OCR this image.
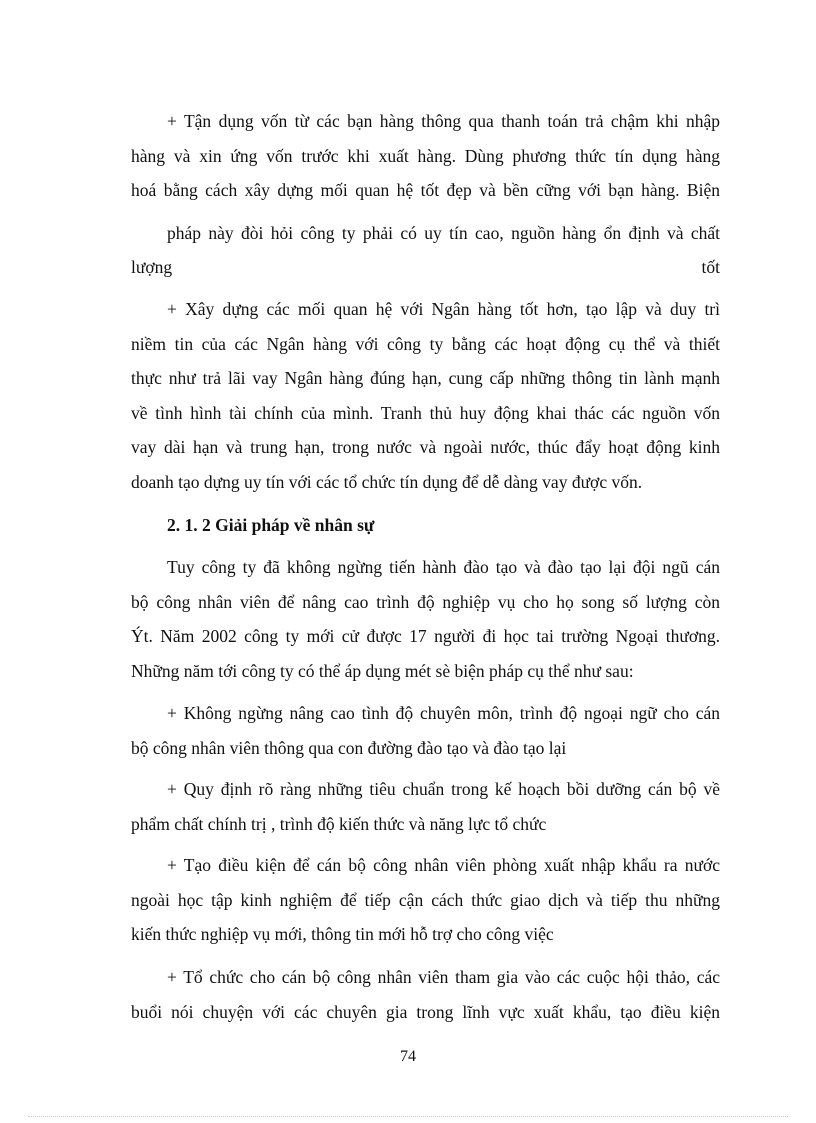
+ Tận dụng vốn từ các bạn hàng thông qua thanh toán trả chậm khi nhập
hàng và xin ứng vốn trước khi xuất hàng. Dùng phương thức tín dụng hàng
hoá bằng cách xây dựng mối quan hệ tốt đẹp và bền cững với bạn hàng. Biện

pháp này đòi hỏi công ty phải có uy tín cao, nguồn hàng ổn định và chất

lượng	tốt

+ Xây dựng các mối quan hệ với Ngân hàng tốt hơn, tạo lập và duy trì
niềm tin của các Ngân hàng với công ty bằng các hoạt động cụ thể và thiết
thực như trả lãi vay Ngân hàng đúng hạn, cung cấp những thông tin lành mạnh
về tình hình tài chính của mình. Tranh thủ huy động khai thác các nguồn vốn
vay dài hạn và trung hạn, trong nước và ngoài nước, thúc đẩy hoạt động kinh
doanh tạo dựng uy tín với các tổ chức tín dụng để dễ dàng vay được vốn.

2. 1. 2 Giải pháp về nhân sự

Tuy công ty đã không ngừng tiến hành đào tạo và đào tạo lại đội ngũ cán
bộ công nhân viên để nâng cao trình độ nghiệp vụ cho họ song số lượng còn
Ýt. Năm 2002 công ty mới cử được 17 người đi học tai trường Ngoại thương.
Những năm tới công ty có thể áp dụng mét sè biện pháp cụ thể như sau:

+ Không ngừng nâng cao tình độ chuyên môn, trình độ ngoại ngữ cho cán
bộ công nhân viên thông qua con đường đào tạo và đào tạo lại

+ Quy định rõ ràng những tiêu chuẩn trong kế hoạch bồi dưỡng cán bộ về
phẩm chất chính trị , trình độ kiến thức và năng lực tổ chức

+ Tạo điều kiện để cán bộ công nhân viên phòng xuất nhập khẩu ra nước
ngoài học tập kinh nghiệm để tiếp cận cách thức giao dịch và tiếp thu những
kiến thức nghiệp vụ mới, thông tin mới hỗ trợ cho công việc

+ Tổ chức cho cán bộ công nhân viên tham gia vào các cuộc hội thảo, các
buổi nói chuyện với các chuyên gia trong lĩnh vực xuất khẩu, tạo điều kiện

74
